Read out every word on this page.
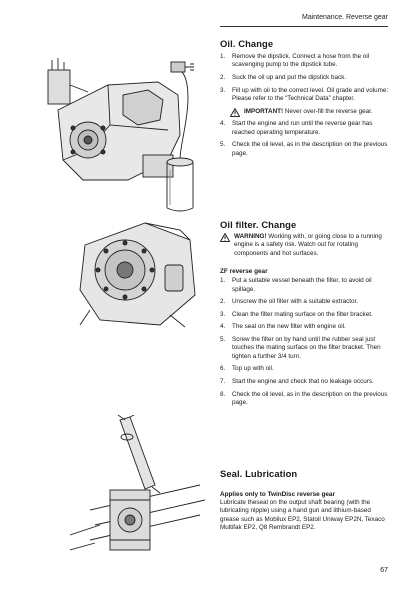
Maintenance. Reverse gear
Oil. Change
1. Remove the dipstick. Connect a hose from the oil scavenging pump to the dipstick tube.
2. Suck the oil up and put the dipstick back.
3. Fill up with oil to the correct level. Oil grade and volume: Please refer to the “Technical Data” chapter.
IMPORTANT! Never over-fill the reverse gear.
4. Start the engine and run until the reverse gear has reached operating temperature.
5. Check the oil level, as in the description on the previous page.
Oil filter. Change
WARNING! Working with, or going close to a running engine is a safety risk. Watch out for rotating components and hot surfaces.
ZF reverse gear
1. Put a suitable vessel beneath the filter, to avoid oil spillage.
2. Unscrew the oil filter with a suitable extractor.
3. Clean the filter mating surface on the filter bracket.
4. The seal on the new filter with engine oil.
5. Screw the filter on by hand until the rubber seal just touches the mating surface on the filter bracket. Then tighten a further 3/4 turn.
6. Top up with oil.
7. Start the engine and check that no leakage occurs.
8. Check the oil level, as in the description on the previous page.
Seal. Lubrication
Applies only to TwinDisc reverse gear

Lubricate theseal on the output shaft bearing (with the lubricating nipple) using a hand gun and lithium-based grease such as Mobilux EP2, Statoil Uniway EP2N, Texaco Multifak EP2, Q8 Rembrandt EP2.

67
